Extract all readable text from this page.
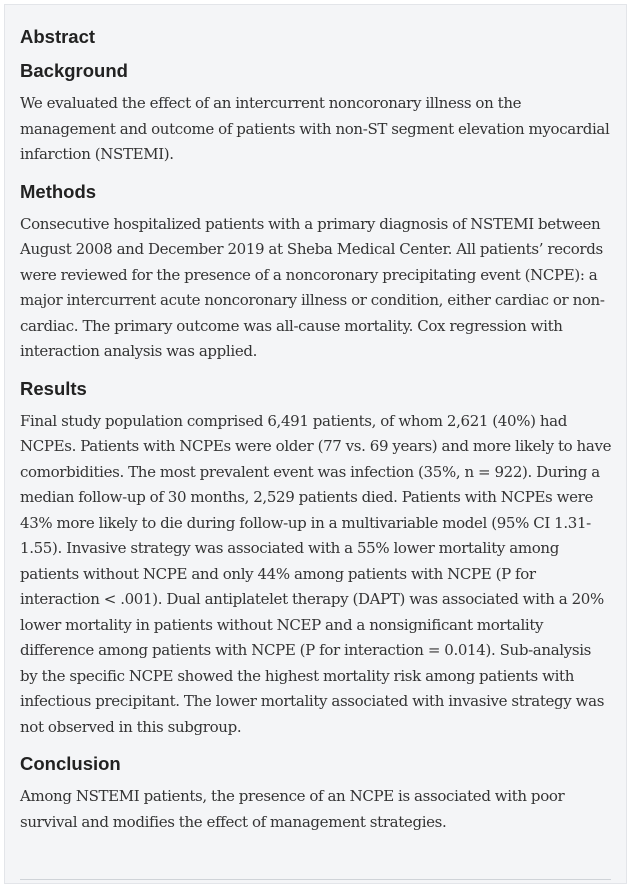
Abstract
Background

We evaluated the effect of an intercurrent noncoronary illness on the management and outcome of patients with non-ST segment elevation myocardial infarction (NSTEMI).

Methods

Consecutive hospitalized patients with a primary diagnosis of NSTEMI between August 2008 and December 2019 at Sheba Medical Center. All patients’ records were reviewed for the presence of a noncoronary precipitating event (NCPE): a major intercurrent acute noncoronary illness or condition, either cardiac or non-cardiac. The primary outcome was all-cause mortality. Cox regression with interaction analysis was applied.

Results

Final study population comprised 6,491 patients, of whom 2,621 (40%) had NCPEs. Patients with NCPEs were older (77 vs. 69 years) and more likely to have comorbidities. The most prevalent event was infection (35%, n = 922). During a median follow-up of 30 months, 2,529 patients died. Patients with NCPEs were 43% more likely to die during follow-up in a multivariable model (95% CI 1.31-1.55). Invasive strategy was associated with a 55% lower mortality among patients without NCPE and only 44% among patients with NCPE (P for interaction < .001). Dual antiplatelet therapy (DAPT) was associated with a 20% lower mortality in patients without NCEP and a nonsignificant mortality difference among patients with NCPE (P for interaction = 0.014). Sub-analysis by the specific NCPE showed the highest mortality risk among patients with infectious precipitant. The lower mortality associated with invasive strategy was not observed in this subgroup.

Conclusion

Among NSTEMI patients, the presence of an NCPE is associated with poor survival and modifies the effect of management strategies.
